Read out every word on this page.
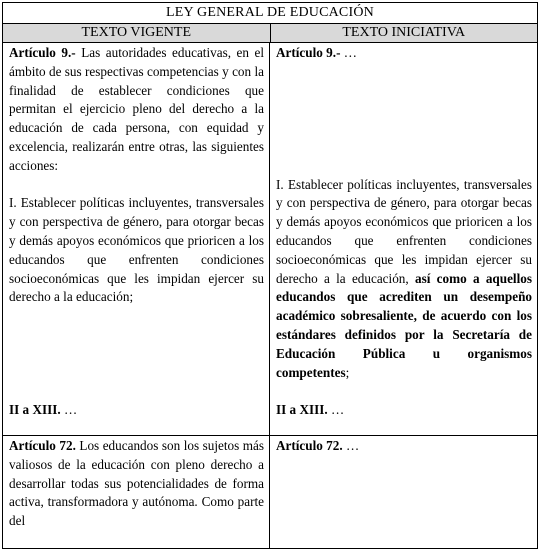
LEY GENERAL DE EDUCACIÓN
TEXTO VIGENTE	TEXTO INICIATIVA

Artículo 9.- Las autoridades educativas, en el ámbito de sus respectivas competencias y con la finalidad de establecer condiciones que permitan el ejercicio pleno del derecho a la educación de cada persona, con equidad y excelencia, realizarán entre otras, las siguientes acciones:

I. Establecer políticas incluyentes, transversales y con perspectiva de género, para otorgar becas y demás apoyos económicos que prioricen a los educandos que enfrenten condiciones socioeconómicas que les impidan ejercer su derecho a la educación;

II a XIII. …

Artículo 9.- …

I. Establecer políticas incluyentes, transversales y con perspectiva de género, para otorgar becas y demás apoyos económicos que prioricen a los educandos que enfrenten condiciones socioeconómicas que les impidan ejercer su derecho a la educación, así como a aquellos educandos que acrediten un desempeño académico sobresaliente, de acuerdo con los estándares definidos por la Secretaría de Educación Pública u organismos competentes;

II a XIII. …

Artículo 72. Los educandos son los sujetos más valiosos de la educación con pleno derecho a desarrollar todas sus potencialidades de forma activa, transformadora y autónoma. Como parte del

Artículo 72. …
